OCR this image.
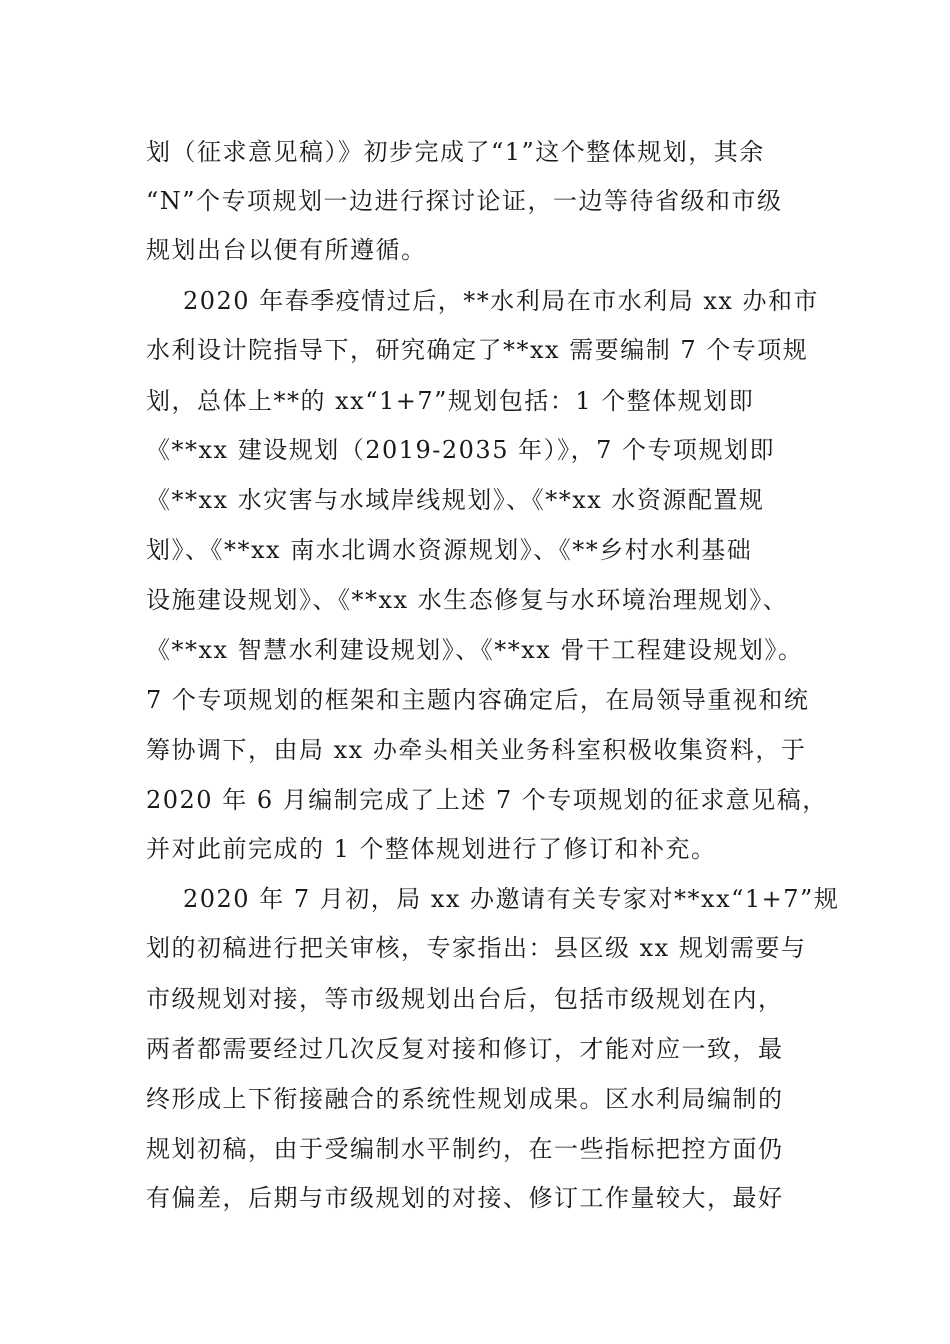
划（征求意见稿）》初步完成了“1”这个整体规划，其余
“N”个专项规划一边进行探讨论证，一边等待省级和市级
规划出台以便有所遵循。
2020 年春季疫情过后，**水利局在市水利局 xx 办和市
水利设计院指导下，研究确定了**xx 需要编制 7 个专项规
划，总体上**的 xx“1+7”规划包括：1 个整体规划即
《**xx 建设规划（2019-2035 年）》，7 个专项规划即
《**xx 水灾害与水域岸线规划》、《**xx 水资源配置规
划》、《**xx 南水北调水资源规划》、《**乡村水利基础
设施建设规划》、《**xx 水生态修复与水环境治理规划》、
《**xx 智慧水利建设规划》、《**xx 骨干工程建设规划》。
7 个专项规划的框架和主题内容确定后，在局领导重视和统
筹协调下，由局 xx 办牵头相关业务科室积极收集资料，于
2020 年 6 月编制完成了上述 7 个专项规划的征求意见稿，
并对此前完成的 1 个整体规划进行了修订和补充。
2020 年 7 月初，局 xx 办邀请有关专家对**xx“1+7”规
划的初稿进行把关审核，专家指出：县区级 xx 规划需要与
市级规划对接，等市级规划出台后，包括市级规划在内，
两者都需要经过几次反复对接和修订，才能对应一致，最
终形成上下衔接融合的系统性规划成果。区水利局编制的
规划初稿，由于受编制水平制约，在一些指标把控方面仍
有偏差，后期与市级规划的对接、修订工作量较大，最好
